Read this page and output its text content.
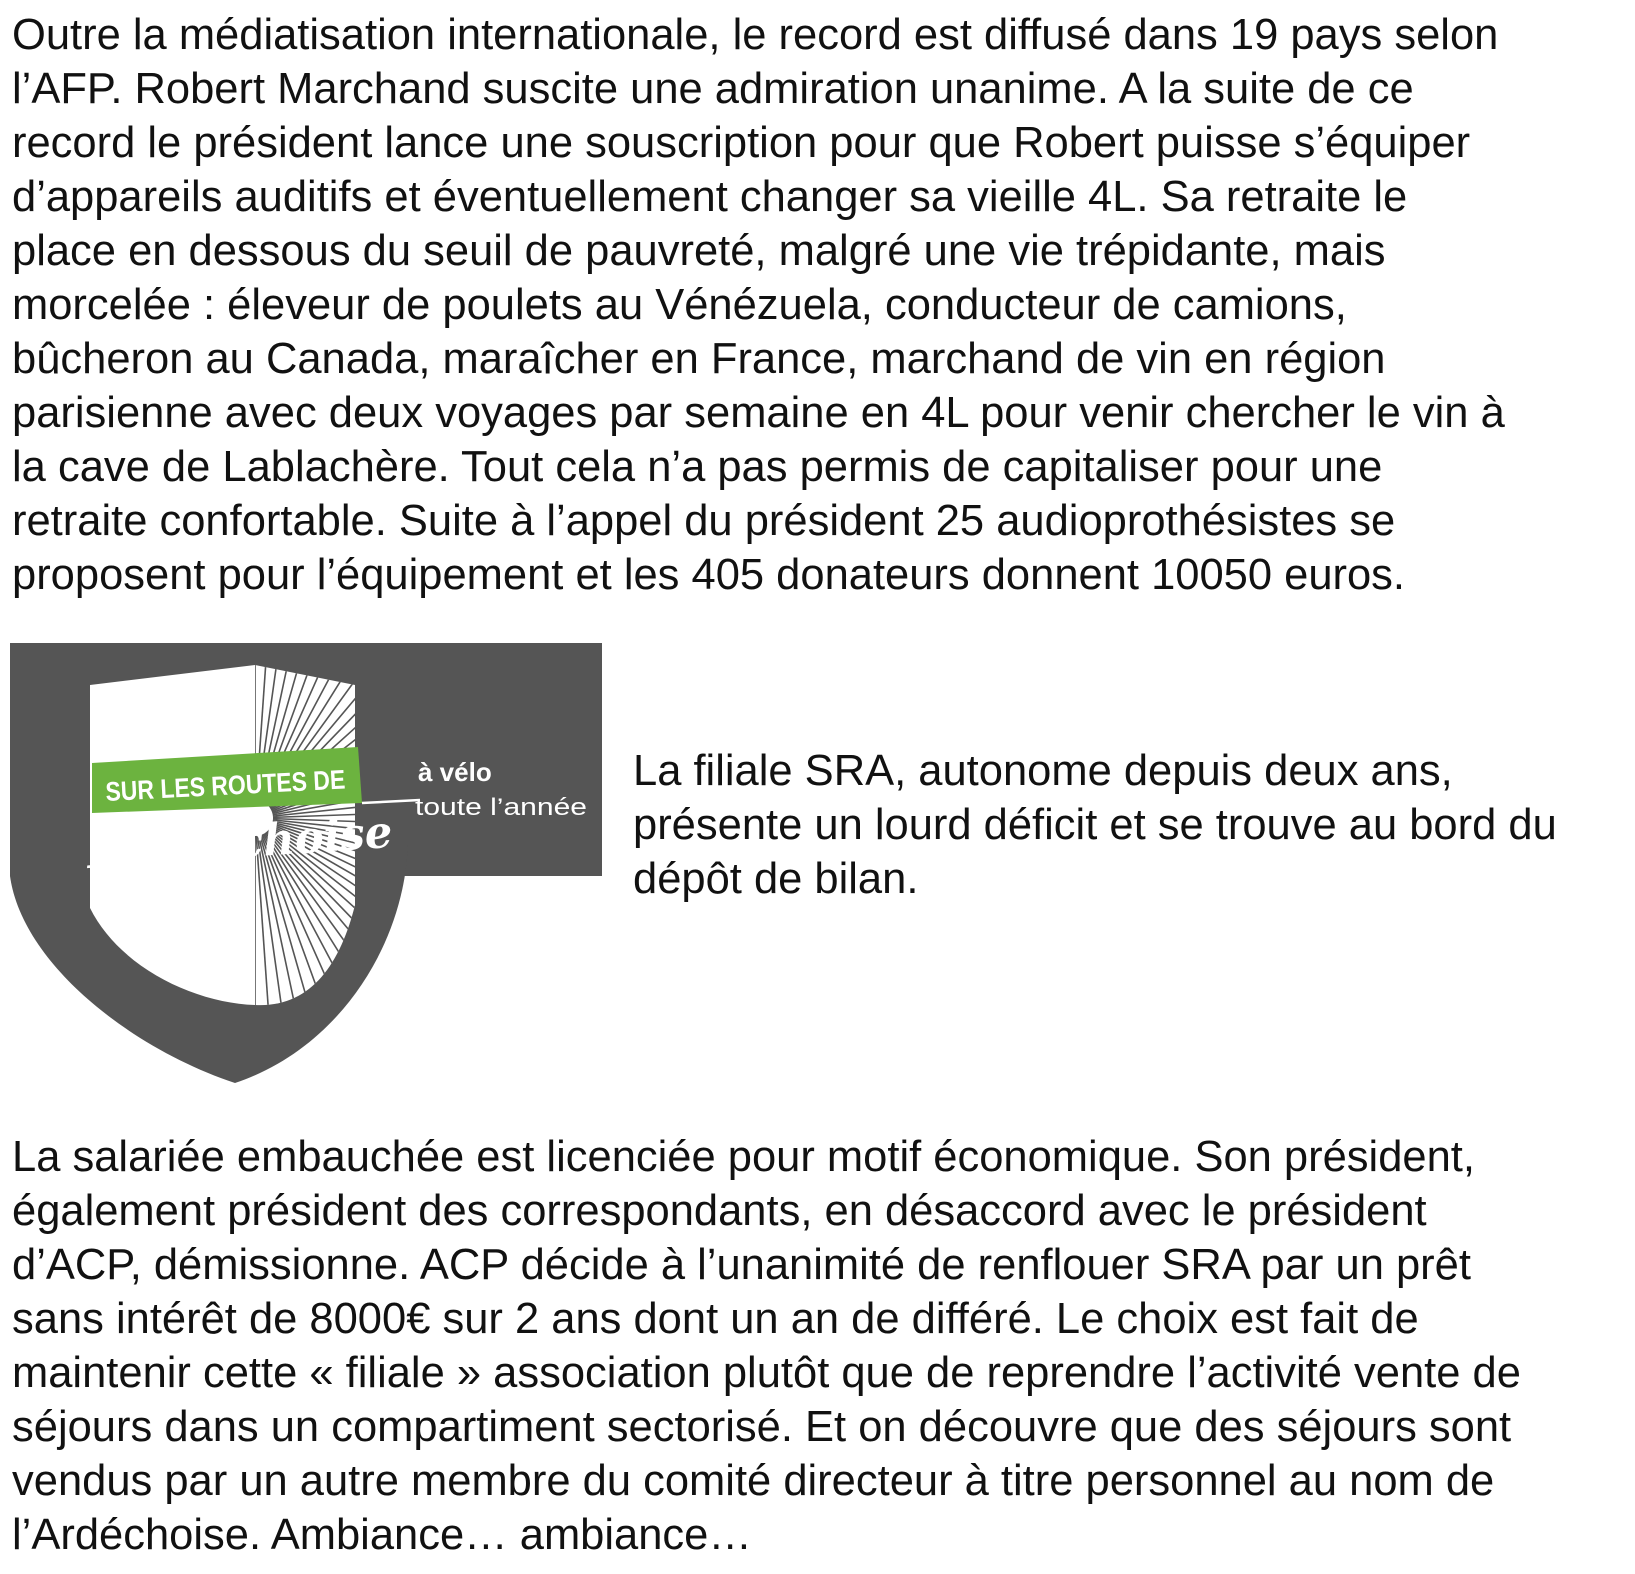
Outre la médiatisation internationale, le record est diffusé dans 19 pays selon
l’AFP. Robert Marchand suscite une admiration unanime. A la suite de ce
record le président lance une souscription pour que Robert puisse s’équiper
d’appareils auditifs et éventuellement changer sa vieille 4L. Sa retraite le
place en dessous du seuil de pauvreté, malgré une vie trépidante, mais
morcelée : éleveur de poulets au Vénézuela, conducteur de camions,
bûcheron au Canada, maraîcher en France, marchand de vin en région
parisienne avec deux voyages par semaine en 4L pour venir chercher le vin à
la cave de Lablachère. Tout cela n’a pas permis de capitaliser pour une
retraite confortable. Suite à l’appel du président 25 audioprothésistes se
proposent pour l’équipement et les 405 donateurs donnent 10050 euros.
SUR LES ROUTES DE
L’Ardéchoise
à vélo
toute l’année
La filiale SRA, autonome depuis deux ans,
présente un lourd déficit et se trouve au bord du
dépôt de bilan.
La salariée embauchée est licenciée pour motif économique. Son président,
également président des correspondants, en désaccord avec le président
d’ACP, démissionne. ACP décide à l’unanimité de renflouer SRA par un prêt
sans intérêt de 8000€ sur 2 ans dont un an de différé. Le choix est fait de
maintenir cette « filiale » association plutôt que de reprendre l’activité vente de
séjours dans un compartiment sectorisé. Et on découvre que des séjours sont
vendus par un autre membre du comité directeur à titre personnel au nom de
l’Ardéchoise. Ambiance… ambiance…
